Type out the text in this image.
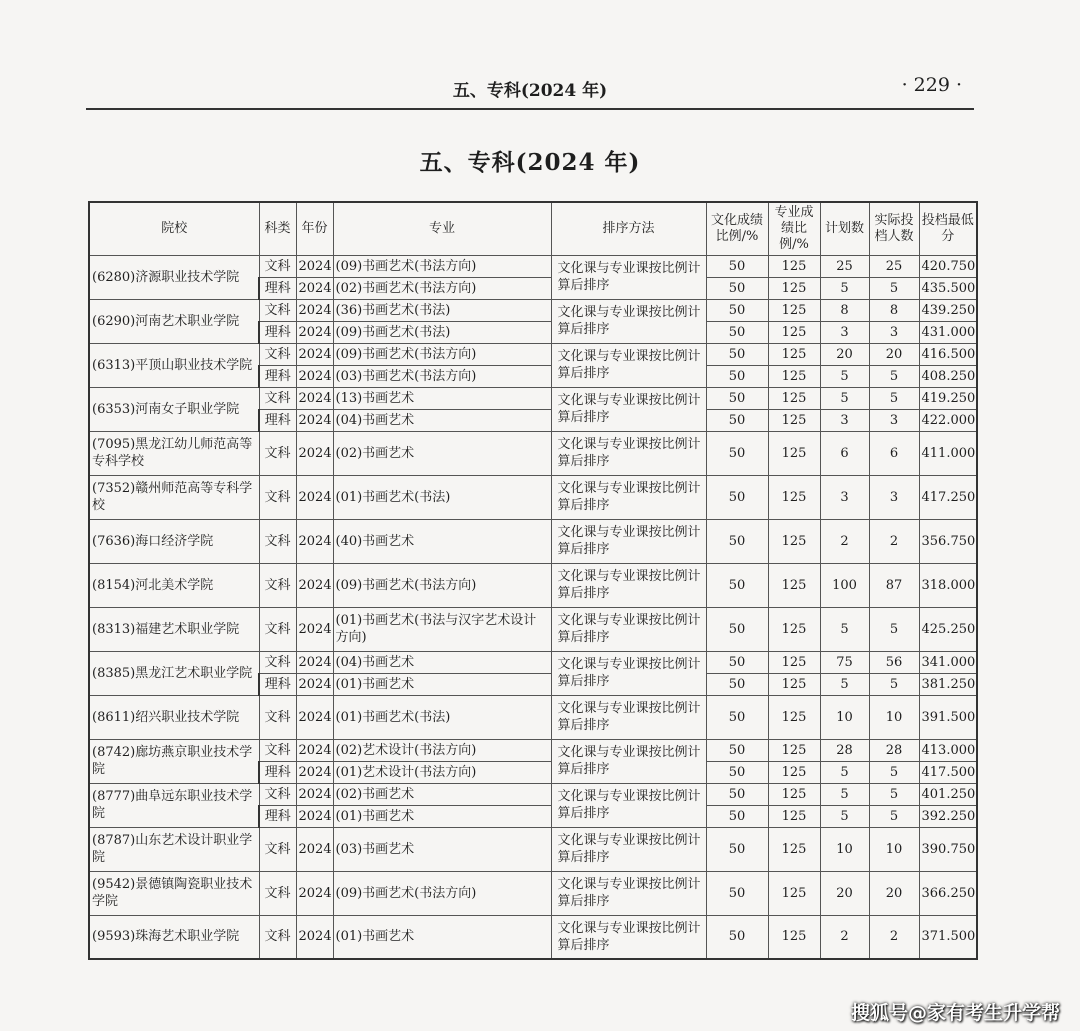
五、专科(2024 年)	· 229 ·
五、专科(2024 年)
院校	科类	年份	专业	排序方法	文化成绩比例/%	专业成绩比例/%	计划数	实际投档人数	投档最低分
(6280)济源职业技术学院	文科	2024	(09)书画艺术(书法方向)	文化课与专业课按比例计算后排序	50	125	25	25	420.750
	理科	2024	(02)书画艺术(书法方向)		50	125	5	5	435.500
(6290)河南艺术职业学院	文科	2024	(36)书画艺术(书法)	文化课与专业课按比例计算后排序	50	125	8	8	439.250
	理科	2024	(09)书画艺术(书法)		50	125	3	3	431.000
(6313)平顶山职业技术学院	文科	2024	(09)书画艺术(书法方向)	文化课与专业课按比例计算后排序	50	125	20	20	416.500
	理科	2024	(03)书画艺术(书法方向)		50	125	5	5	408.250
(6353)河南女子职业学院	文科	2024	(13)书画艺术	文化课与专业课按比例计算后排序	50	125	5	5	419.250
	理科	2024	(04)书画艺术		50	125	3	3	422.000
(7095)黑龙江幼儿师范高等专科学校	文科	2024	(02)书画艺术	文化课与专业课按比例计算后排序	50	125	6	6	411.000
(7352)赣州师范高等专科学校	文科	2024	(01)书画艺术(书法)	文化课与专业课按比例计算后排序	50	125	3	3	417.250
(7636)海口经济学院	文科	2024	(40)书画艺术	文化课与专业课按比例计算后排序	50	125	2	2	356.750
(8154)河北美术学院	文科	2024	(09)书画艺术(书法方向)	文化课与专业课按比例计算后排序	50	125	100	87	318.000
(8313)福建艺术职业学院	文科	2024	(01)书画艺术(书法与汉字艺术设计方向)	文化课与专业课按比例计算后排序	50	125	5	5	425.250
(8385)黑龙江艺术职业学院	文科	2024	(04)书画艺术	文化课与专业课按比例计算后排序	50	125	75	56	341.000
	理科	2024	(01)书画艺术		50	125	5	5	381.250
(8611)绍兴职业技术学院	文科	2024	(01)书画艺术(书法)	文化课与专业课按比例计算后排序	50	125	10	10	391.500
(8742)廊坊燕京职业技术学院	文科	2024	(02)艺术设计(书法方向)	文化课与专业课按比例计算后排序	50	125	28	28	413.000
	理科	2024	(01)艺术设计(书法方向)		50	125	5	5	417.500
(8777)曲阜远东职业技术学院	文科	2024	(02)书画艺术	文化课与专业课按比例计算后排序	50	125	5	5	401.250
	理科	2024	(01)书画艺术		50	125	5	5	392.250
(8787)山东艺术设计职业学院	文科	2024	(03)书画艺术	文化课与专业课按比例计算后排序	50	125	10	10	390.750
(9542)景德镇陶瓷职业技术学院	文科	2024	(09)书画艺术(书法方向)	文化课与专业课按比例计算后排序	50	125	20	20	366.250
(9593)珠海艺术职业学院	文科	2024	(01)书画艺术	文化课与专业课按比例计算后排序	50	125	2	2	371.500
搜狐号@家有考生升学帮
